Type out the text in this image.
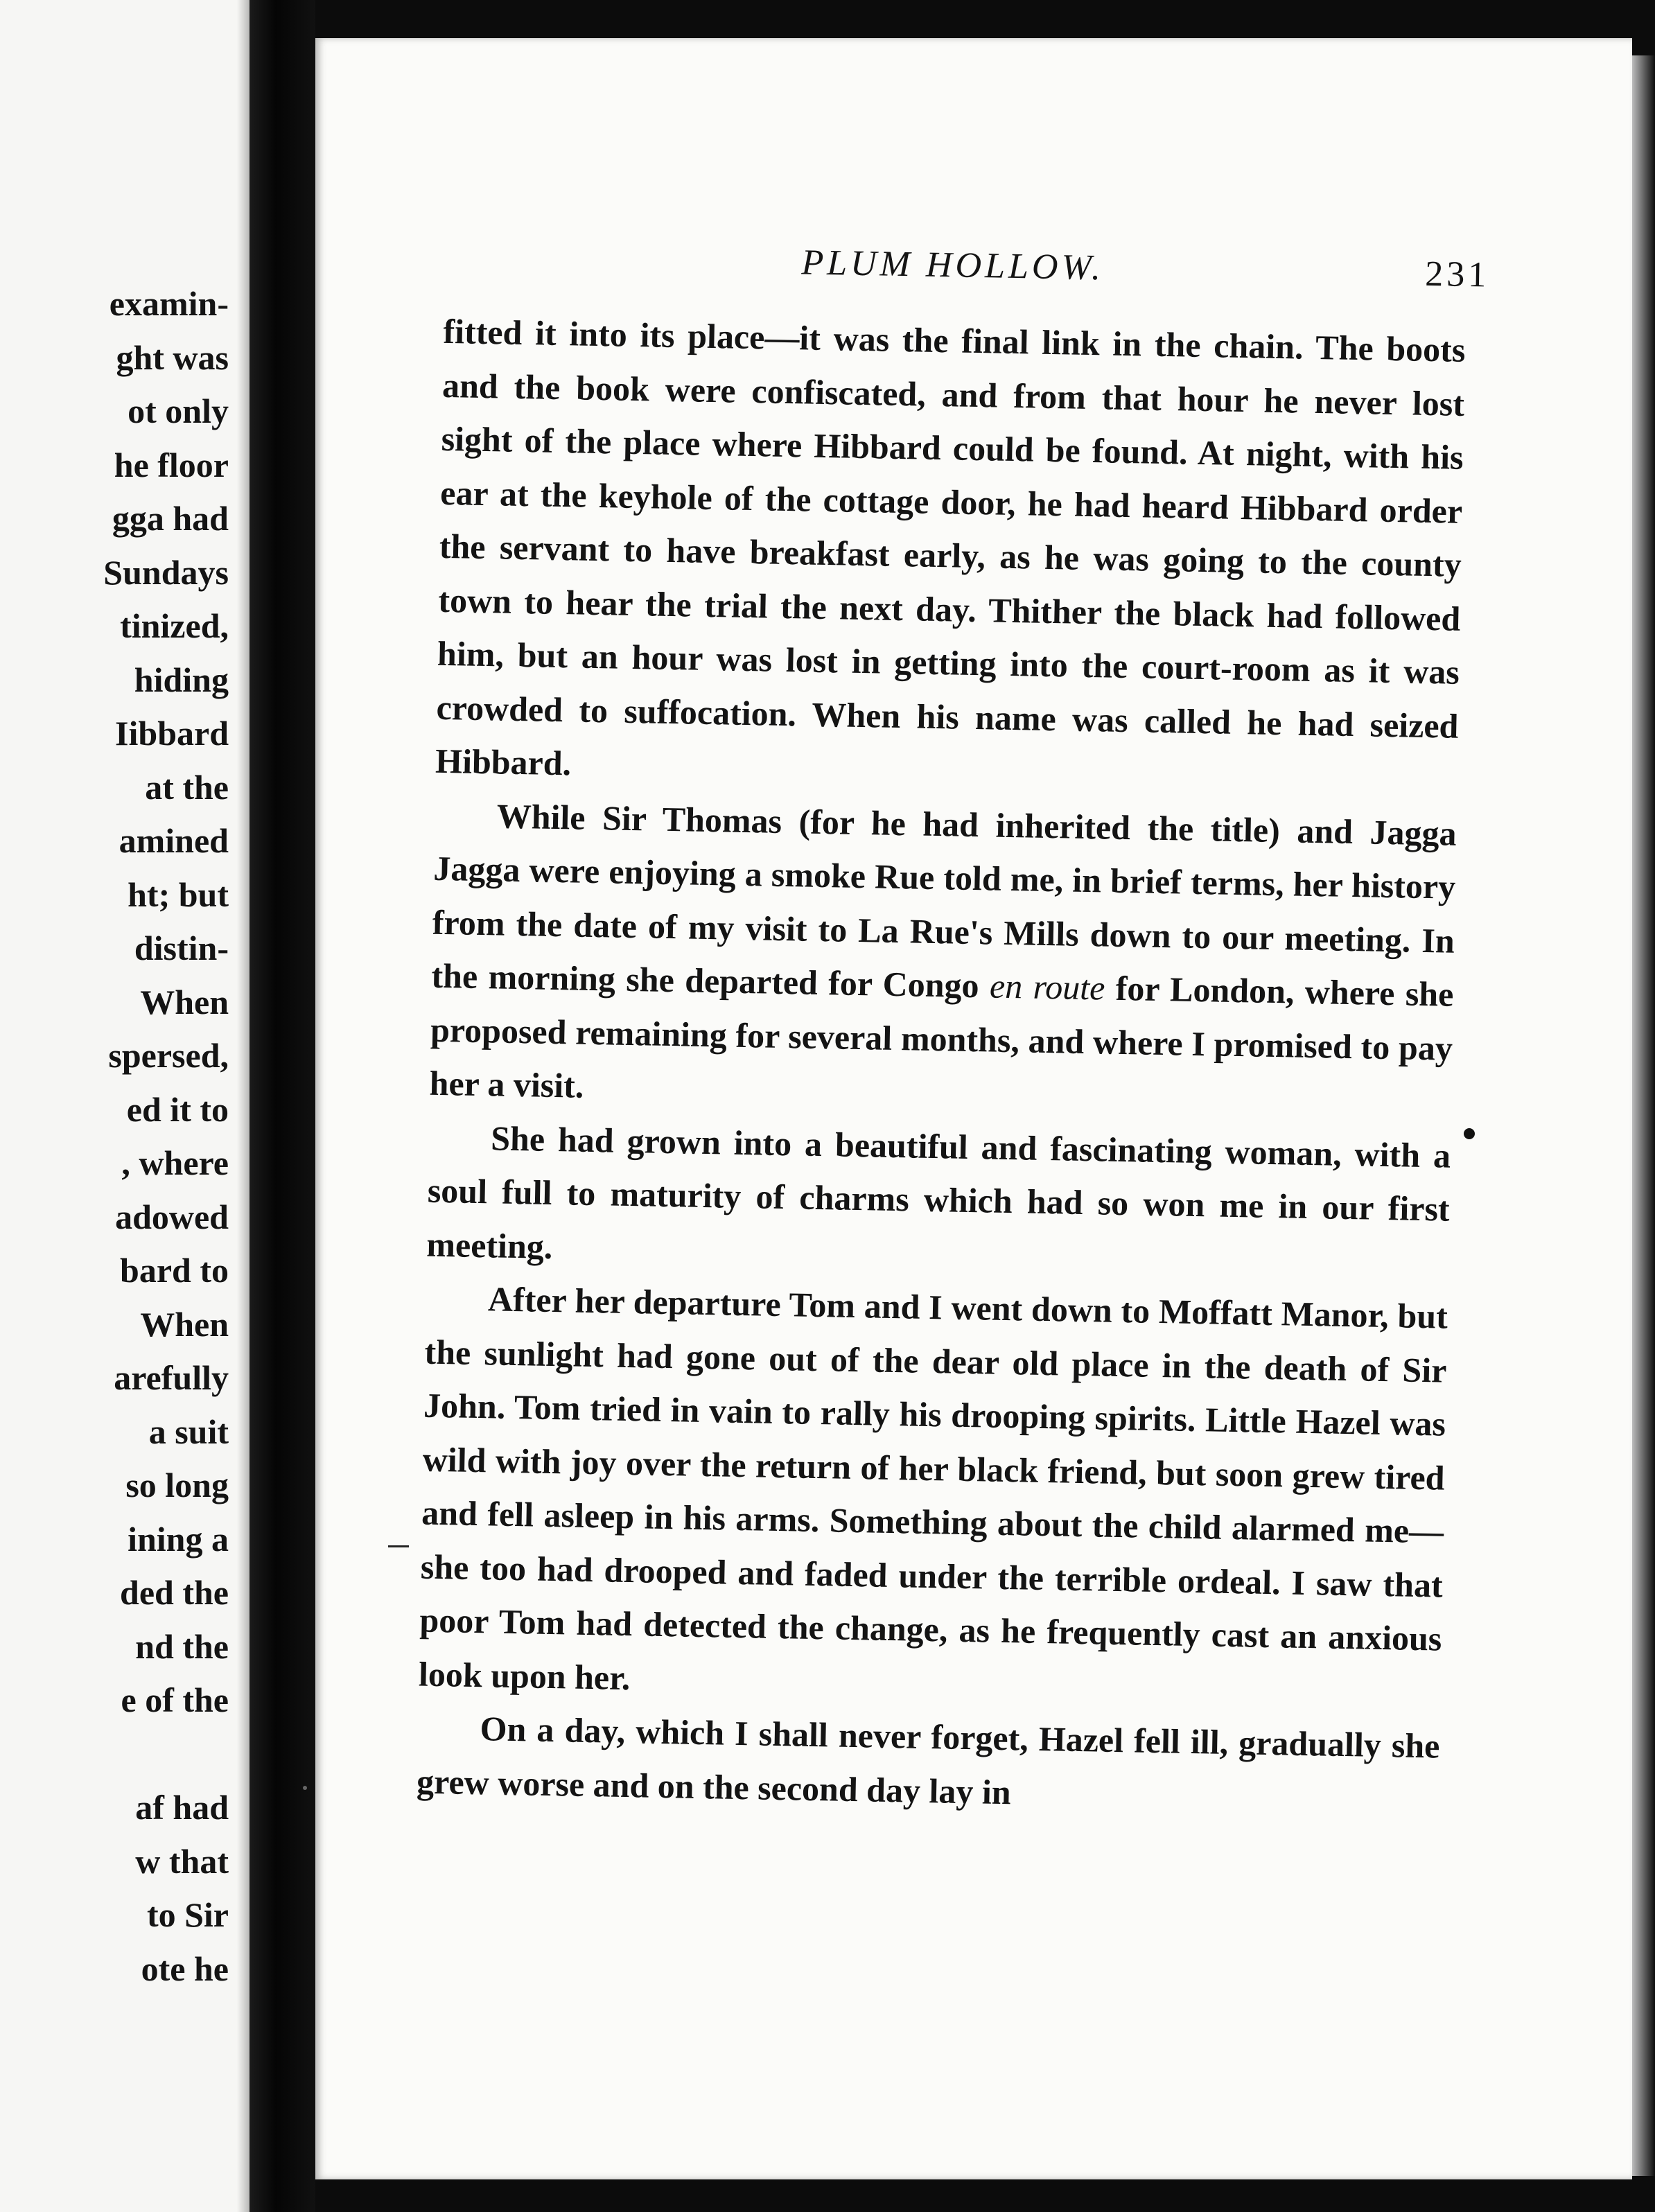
examin-
ght was
ot only
he floor
gga had
Sundays
tinized,
hiding
Iibbard
at the
amined
ht; but
distin-
When
spersed,
ed it to
, where
adowed
bard to
When
arefully
a suit
so long
ining a
ded the
nd the
e of the
af had
w that
to Sir
ote he
PLUM HOLLOW.	231

fitted it into its place—it was the final link in the chain. The boots and the book were confiscated, and from that hour he never lost sight of the place where Hibbard could be found. At night, with his ear at the keyhole of the cottage door, he had heard Hibbard order the servant to have breakfast early, as he was going to the county town to hear the trial the next day. Thither the black had followed him, but an hour was lost in getting into the court-room as it was crowded to suffocation. When his name was called he had seized Hibbard.

While Sir Thomas (for he had inherited the title) and Jagga Jagga were enjoying a smoke Rue told me, in brief terms, her history from the date of my visit to La Rue's Mills down to our meeting. In the morning she departed for Congo en route for London, where she proposed remaining for several months, and where I promised to pay her a visit.

She had grown into a beautiful and fascinating woman, with a soul full to maturity of charms which had so won me in our first meeting.

After her departure Tom and I went down to Moffatt Manor, but the sunlight had gone out of the dear old place in the death of Sir John. Tom tried in vain to rally his drooping spirits. Little Hazel was wild with joy over the return of her black friend, but soon grew tired and fell asleep in his arms. Something about the child alarmed me—she too had drooped and faded under the terrible ordeal. I saw that poor Tom had detected the change, as he frequently cast an anxious look upon her.

On a day, which I shall never forget, Hazel fell ill, gradually she grew worse and on the second day lay in
